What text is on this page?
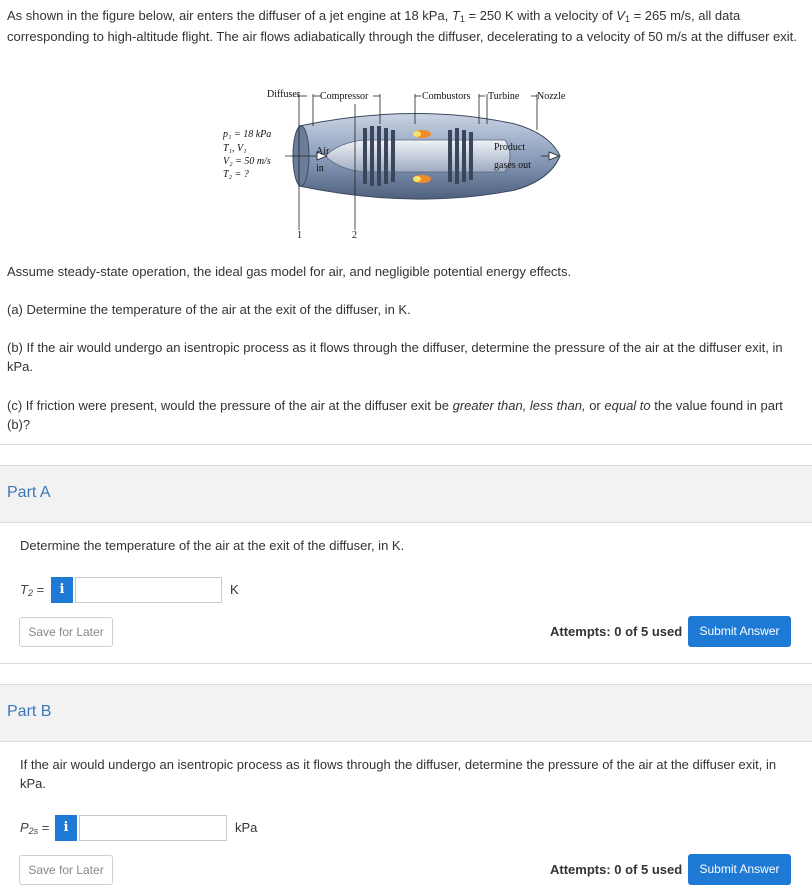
As shown in the figure below, air enters the diffuser of a jet engine at 18 kPa, T1 = 250 K with a velocity of V1 = 265 m/s, all data corresponding to high-altitude flight. The air flows adiabatically through the diffuser, decelerating to a velocity of 50 m/s at the diffuser exit.
Diffuser Compressor	Combustors Turbine Nozzle
Air
in
Product
gases out
1	2
p₁ = 18 kPa
T₁, V₁
V₂ = 50 m/s
T₂ = ?
Assume steady-state operation, the ideal gas model for air, and negligible potential energy effects.
(a) Determine the temperature of the air at the exit of the diffuser, in K.
(b) If the air would undergo an isentropic process as it flows through the diffuser, determine the pressure of the air at the diffuser exit, in kPa.
(c) If friction were present, would the pressure of the air at the diffuser exit be greater than, less than, or equal to the value found in part (b)?
Part A
Determine the temperature of the air at the exit of the diffuser, in K.
T2 =	i	K
Save for Later	Attempts: 0 of 5 used	Submit Answer
Part B
If the air would undergo an isentropic process as it flows through the diffuser, determine the pressure of the air at the diffuser exit, in kPa.
P2s =	i	kPa
Save for Later	Attempts: 0 of 5 used	Submit Answer
